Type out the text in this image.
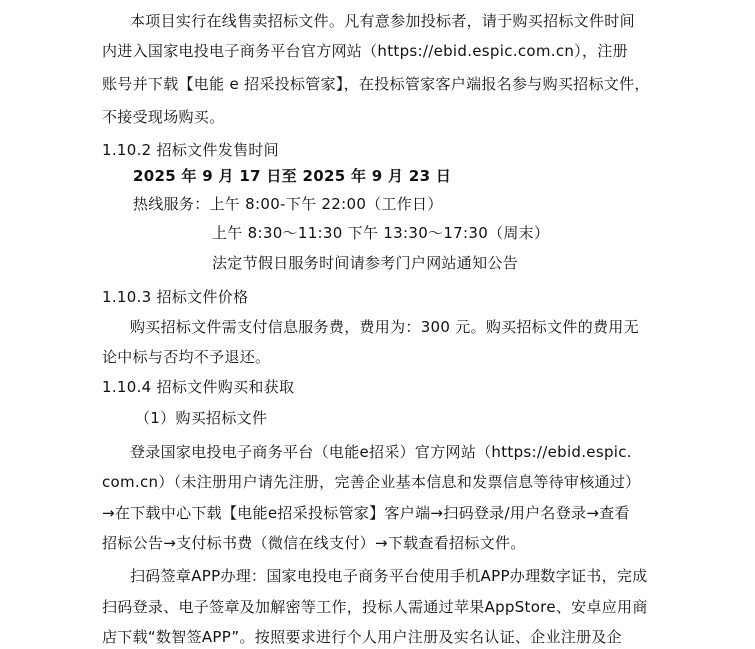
本项目实行在线售卖招标文件。凡有意参加投标者，请于购买招标文件时间
内进入国家电投电子商务平台官方网站（https://ebid.espic.com.cn），注册
账号并下载【电能 e 招采投标管家】，在投标管家客户端报名参与购买招标文件，
不接受现场购买。
1.10.2 招标文件发售时间
2025 年 9 月 17 日至 2025 年 9 月 23 日
热线服务：上午 8:00-下午 22:00（工作日）
上午 8:30～11:30 下午 13:30～17:30（周末）
法定节假日服务时间请参考门户网站通知公告
1.10.3 招标文件价格
购买招标文件需支付信息服务费，费用为：300 元。购买招标文件的费用无
论中标与否均不予退还。
1.10.4 招标文件购买和获取
（1）购买招标文件
登录国家电投电子商务平台（电能e招采）官方网站（https://ebid.espic.
com.cn）（未注册用户请先注册，完善企业基本信息和发票信息等待审核通过）
→在下载中心下载【电能e招采投标管家】客户端→扫码登录/用户名登录→查看
招标公告→支付标书费（微信在线支付）→下载查看招标文件。
扫码签章APP办理：国家电投电子商务平台使用手机APP办理数字证书，完成
扫码登录、电子签章及加解密等工作，投标人需通过苹果AppStore、安卓应用商
店下载“数智签APP”。按照要求进行个人用户注册及实名认证、企业注册及企
